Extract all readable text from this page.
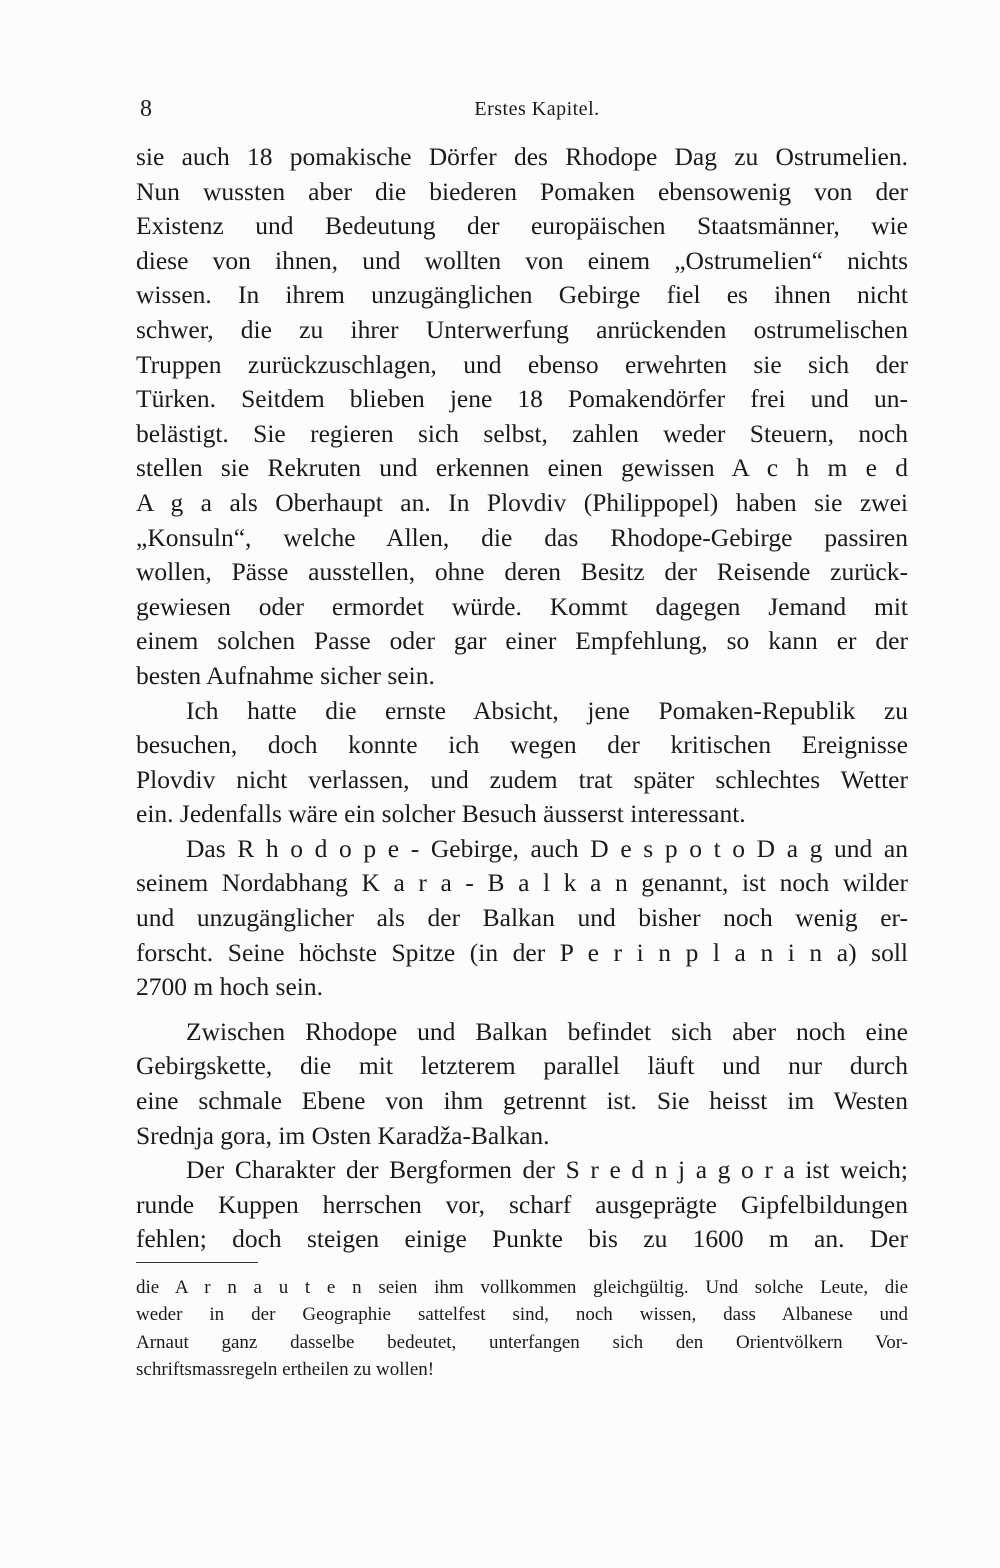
8	Erstes Kapitel.
sie auch 18 pomakische Dörfer des Rhodope Dag zu Ostrumelien.
Nun wussten aber die biederen Pomaken ebensowenig von der
Existenz und Bedeutung der europäischen Staatsmänner, wie
diese von ihnen, und wollten von einem „Ostrumelien“ nichts
wissen. In ihrem unzugänglichen Gebirge fiel es ihnen nicht
schwer, die zu ihrer Unterwerfung anrückenden ostrumelischen
Truppen zurückzuschlagen, und ebenso erwehrten sie sich der
Türken. Seitdem blieben jene 18 Pomakendörfer frei und un-
belästigt. Sie regieren sich selbst, zahlen weder Steuern, noch
stellen sie Rekruten und erkennen einen gewissen A c h m e d
A g a als Oberhaupt an. In Plovdiv (Philippopel) haben sie zwei
„Konsuln“, welche Allen, die das Rhodope-Gebirge passiren
wollen, Pässe ausstellen, ohne deren Besitz der Reisende zurück-
gewiesen oder ermordet würde. Kommt dagegen Jemand mit
einem solchen Passe oder gar einer Empfehlung, so kann er der
besten Aufnahme sicher sein.
Ich hatte die ernste Absicht, jene Pomaken-Republik zu
besuchen, doch konnte ich wegen der kritischen Ereignisse
Plovdiv nicht verlassen, und zudem trat später schlechtes Wetter
ein. Jedenfalls wäre ein solcher Besuch äusserst interessant.
Das R h o d o p e - Gebirge, auch D e s p o t o D a g und an
seinem Nordabhang K a r a - B a l k a n genannt, ist noch wilder
und unzugänglicher als der Balkan und bisher noch wenig er-
forscht. Seine höchste Spitze (in der P e r i n p l a n i n a) soll
2700 m hoch sein.
Zwischen Rhodope und Balkan befindet sich aber noch eine
Gebirgskette, die mit letzterem parallel läuft und nur durch
eine schmale Ebene von ihm getrennt ist. Sie heisst im Westen
Srednja gora, im Osten Karadža-Balkan.
Der Charakter der Bergformen der S r e d n j a g o r a ist weich;
runde Kuppen herrschen vor, scharf ausgeprägte Gipfelbildungen
fehlen; doch steigen einige Punkte bis zu 1600 m an. Der
die A r n a u t e n seien ihm vollkommen gleichgültig. Und solche Leute, die
weder in der Geographie sattelfest sind, noch wissen, dass Albanese und
Arnaut ganz dasselbe bedeutet, unterfangen sich den Orientvölkern Vor-
schriftsmassregeln ertheilen zu wollen!
